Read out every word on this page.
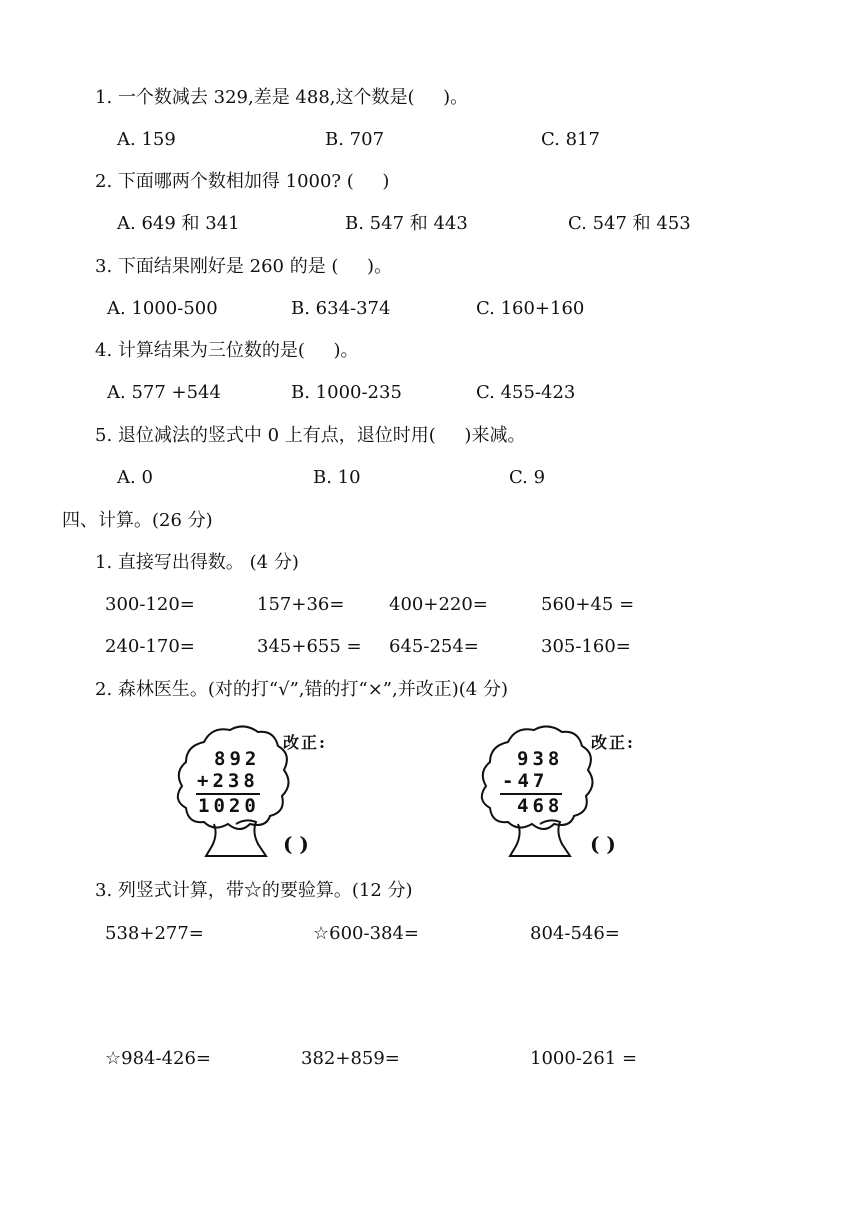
1. 一个数减去 329,差是 488,这个数是(     )。
A. 159	B. 707	C. 817
2. 下面哪两个数相加得 1000? (     )
A. 649 和 341	B. 547 和 443	C. 547 和 453
3. 下面结果刚好是 260 的是 (     )。
A. 1000-500	B. 634-374	C. 160+160
4. 计算结果为三位数的是(     )。
A. 577 +544	B. 1000-235	C. 455-423
5. 退位减法的竖式中 0 上有点，退位时用(     )来减。
A. 0	B. 10	C. 9
四、计算。(26 分)
1. 直接写出得数。 (4 分)
300-120=	157+36= 400+220=	560+45 =
240-170=	345+655 = 645-254=	305-160=
2. 森林医生。(对的打“√”,错的打“×”,并改正)(4 分)
892
+238
1020
改正:
( )
938
-47
468
改正:
( )
3. 列竖式计算，带☆的要验算。(12 分)
538+277=	☆600-384=	804-546=
☆984-426=	382+859=	1000-261 =
